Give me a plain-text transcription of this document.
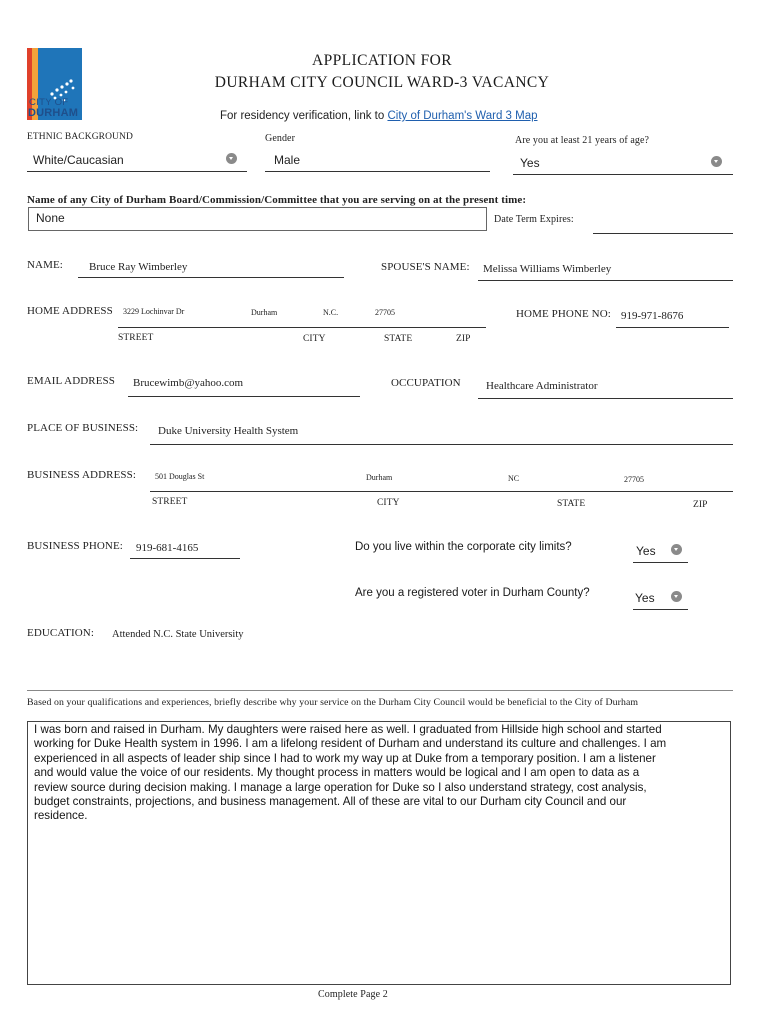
CITY OF
DURHAM
APPLICATION FOR
DURHAM CITY COUNCIL WARD-3 VACANCY
For residency verification, link to City of Durham's Ward 3 Map
ETHNIC BACKGROUND	Gender	Are you at least 21 years of age?
White/Caucasian	Male	Yes
Name of any City of Durham Board/Commission/Committee that you are serving on at the present time:
None	Date Term Expires:
NAME: Bruce Ray Wimberley	SPOUSE'S NAME: Melissa Williams Wimberley
HOME ADDRESS 3229 Lochinvar Dr	Durham	N.C.	27705
STREET	CITY	STATE	ZIP
HOME PHONE NO: 919-971-8676
EMAIL ADDRESS Brucewimb@yahoo.com	OCCUPATION Healthcare Administrator
PLACE OF BUSINESS: Duke University Health System
BUSINESS ADDRESS: 501 Douglas St	Durham	NC	27705
STREET	CITY	STATE	ZIP
BUSINESS PHONE: 919-681-4165	Do you live within the corporate city limits?	Yes
Are you a registered voter in Durham County?	Yes
EDUCATION: Attended N.C. State University
Based on your qualifications and experiences, briefly describe why your service on the Durham City Council would be beneficial to the City of Durham
I was born and raised in Durham. My daughters were raised here as well. I graduated from Hillside high school and started
working for Duke Health system in 1996. I am a lifelong resident of Durham and understand its culture and challenges. I am
experienced in all aspects of leader ship since I had to work my way up at Duke from a temporary position. I am a listener
and would value the voice of our residents. My thought process in matters would be logical and I am open to data as a
review source during decision making. I manage a large operation for Duke so I also understand strategy, cost analysis,
budget constraints, projections, and business management. All of these are vital to our Durham city Council and our
residence.
Complete Page 2
